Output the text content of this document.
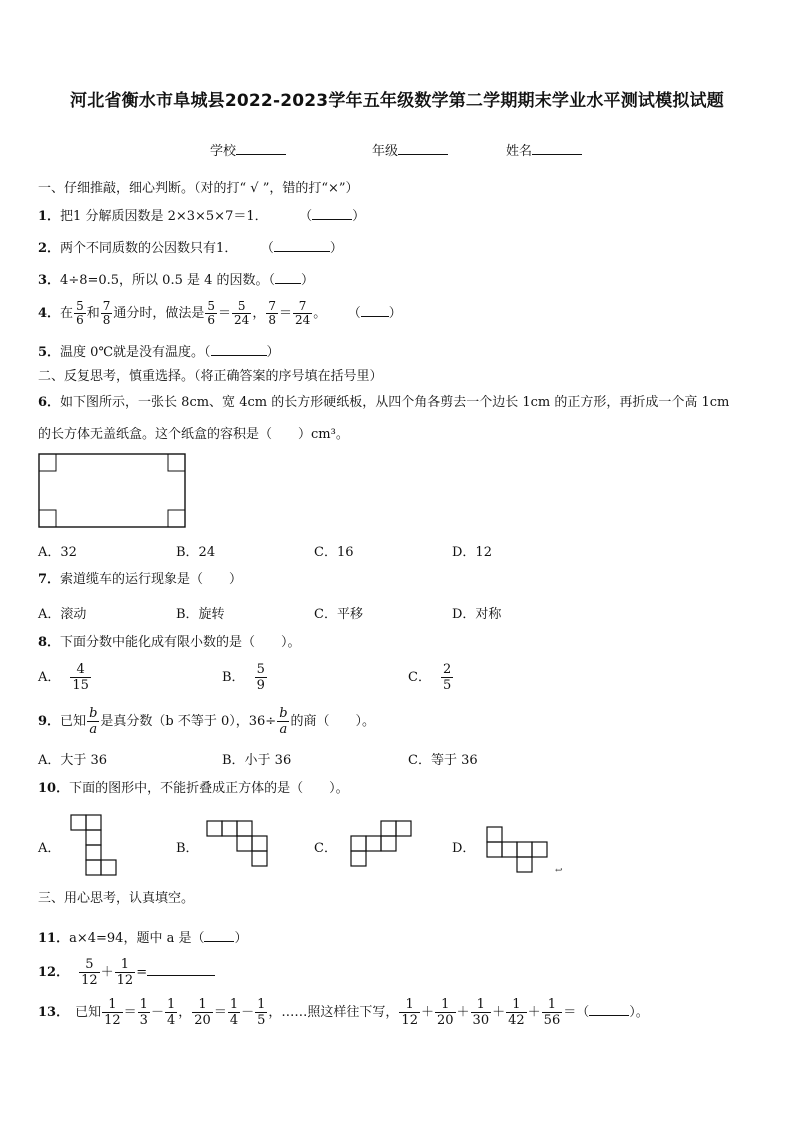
河北省衡水市阜城县2022-2023学年五年级数学第二学期期末学业水平测试模拟试题
学校	年级	姓名
一、仔细推敲，细心判断。（对的打“ √ ”，错的打“×”）
1．把1 分解质因数是 2×3×5×7＝1．	（	）
2．两个不同质数的公因数只有1． （	）
3．4÷8=0.5，所以 0.5 是 4 的因数。（ ）
4．在 $\frac{5}{6}$ 和 $\frac{7}{8}$ 通分时，做法是 $\frac{5}{6} = \frac{5}{24}$ ， $\frac{7}{8} = \frac{7}{24}$ 。 （ ）
5．温度 0℃就是没有温度。（	）
二、反复思考，慎重选择。（将正确答案的序号填在括号里）
6．如下图所示，一张长 8cm、宽 4cm 的长方形硬纸板，从四个角各剪去一个边长 1cm 的正方形，再折成一个高 1cm
的长方体无盖纸盒。这个纸盒的容积是（　　）cm³。
A．32	B．24	C．16	D．12
7．索道缆车的运行现象是（　　）
A．滚动	B．旋转	C．平移	D．对称
8．下面分数中能化成有限小数的是（　　）。
A． $\frac{4}{15}$	B． $\frac{5}{9}$	C． $\frac{2}{5}$
9．已知 $\frac{b}{a}$ 是真分数（b 不等于 0），$36\div \frac{b}{a}$ 的商（　　）。
A．大于 36	B．小于 36	C．等于 36
10．下面的图形中，不能折叠成正方体的是（　　）。
A．	B．	C．	D．
↩
三、用心思考，认真填空。
11．a×4=94，题中 a 是（ ）
12． $\frac{5}{12} + \frac{1}{12}$ =
13． 已知 $\frac{1}{12} = \frac{1}{3} - \frac{1}{4}$ ， $\frac{1}{20} = \frac{1}{4} - \frac{1}{5}$ ，……照这样往下写， $\frac{1}{12} + \frac{1}{20} + \frac{1}{30} + \frac{1}{42} + \frac{1}{56}$ ＝（	）。
